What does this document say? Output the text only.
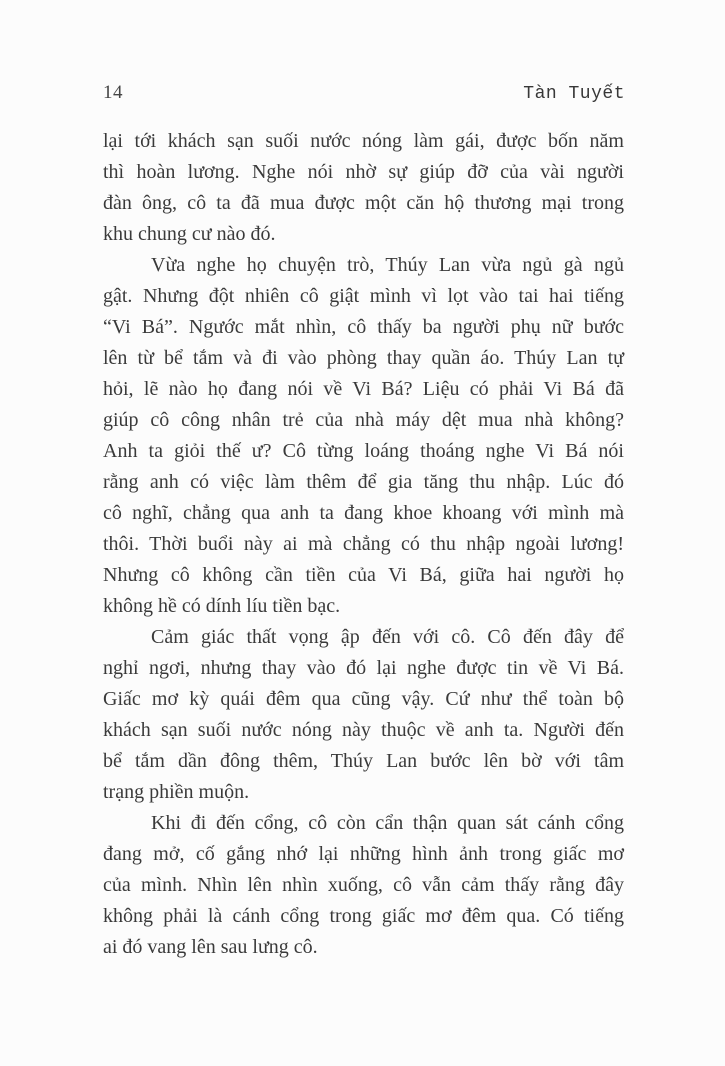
14	Tàn Tuyết
lại tới khách sạn suối nước nóng làm gái, được bốn năm
thì hoàn lương. Nghe nói nhờ sự giúp đỡ của vài người
đàn ông, cô ta đã mua được một căn hộ thương mại trong
khu chung cư nào đó.
Vừa nghe họ chuyện trò, Thúy Lan vừa ngủ gà ngủ
gật. Nhưng đột nhiên cô giật mình vì lọt vào tai hai tiếng
“Vi Bá”. Ngước mắt nhìn, cô thấy ba người phụ nữ bước
lên từ bể tắm và đi vào phòng thay quần áo. Thúy Lan tự
hỏi, lẽ nào họ đang nói về Vi Bá? Liệu có phải Vi Bá đã
giúp cô công nhân trẻ của nhà máy dệt mua nhà không?
Anh ta giỏi thế ư? Cô từng loáng thoáng nghe Vi Bá nói
rằng anh có việc làm thêm để gia tăng thu nhập. Lúc đó
cô nghĩ, chẳng qua anh ta đang khoe khoang với mình mà
thôi. Thời buổi này ai mà chẳng có thu nhập ngoài lương!
Nhưng cô không cần tiền của Vi Bá, giữa hai người họ
không hề có dính líu tiền bạc.
Cảm giác thất vọng ập đến với cô. Cô đến đây để
nghỉ ngơi, nhưng thay vào đó lại nghe được tin về Vi Bá.
Giấc mơ kỳ quái đêm qua cũng vậy. Cứ như thể toàn bộ
khách sạn suối nước nóng này thuộc về anh ta. Người đến
bể tắm dần đông thêm, Thúy Lan bước lên bờ với tâm
trạng phiền muộn.
Khi đi đến cổng, cô còn cẩn thận quan sát cánh cổng
đang mở, cố gắng nhớ lại những hình ảnh trong giấc mơ
của mình. Nhìn lên nhìn xuống, cô vẫn cảm thấy rằng đây
không phải là cánh cổng trong giấc mơ đêm qua. Có tiếng
ai đó vang lên sau lưng cô.
